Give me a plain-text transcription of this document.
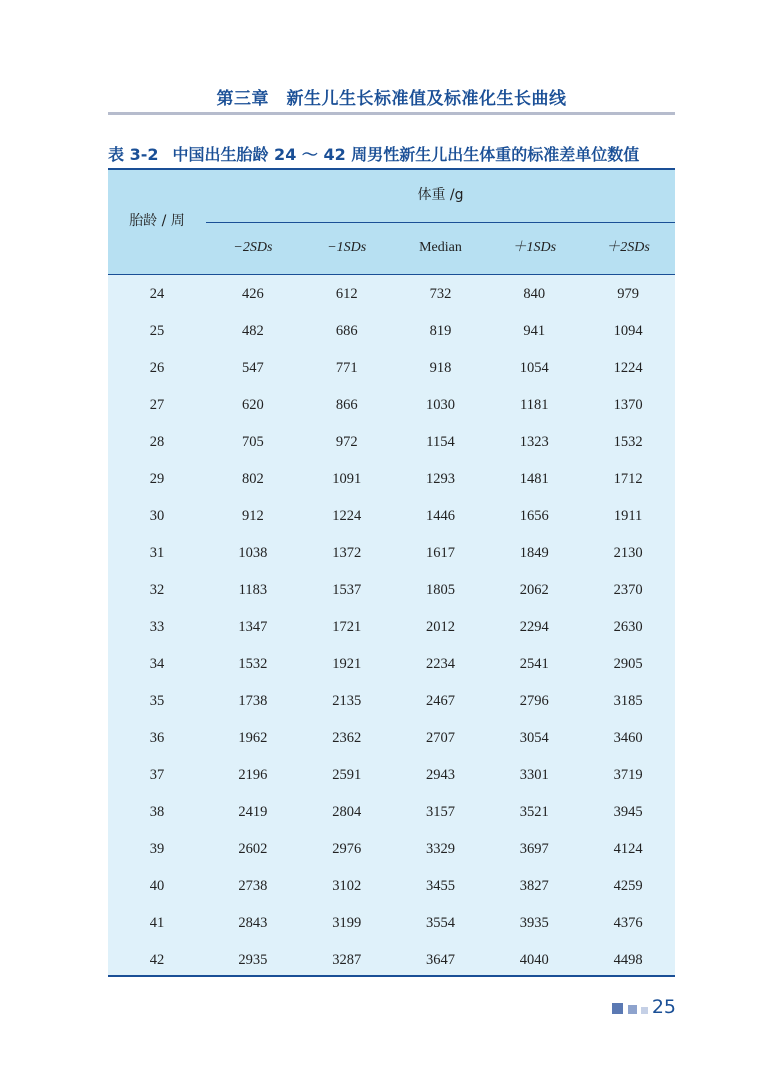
第三章　新生儿生长标准值及标准化生长曲线
表 3-2 中国出生胎龄 24 ～ 42 周男性新生儿出生体重的标准差单位数值
胎龄 / 周
体重 /g
−2SDs	−1SDs	Median	＋1SDs	＋2SDs
24	426	612	732	840	979
25	482	686	819	941	1094
26	547	771	918	1054	1224
27	620	866	1030	1181	1370
28	705	972	1154	1323	1532
29	802	1091	1293	1481	1712
30	912	1224	1446	1656	1911
31	1038	1372	1617	1849	2130
32	1183	1537	1805	2062	2370
33	1347	1721	2012	2294	2630
34	1532	1921	2234	2541	2905
35	1738	2135	2467	2796	3185
36	1962	2362	2707	3054	3460
37	2196	2591	2943	3301	3719
38	2419	2804	3157	3521	3945
39	2602	2976	3329	3697	4124
40	2738	3102	3455	3827	4259
41	2843	3199	3554	3935	4376
42	2935	3287	3647	4040	4498
25
